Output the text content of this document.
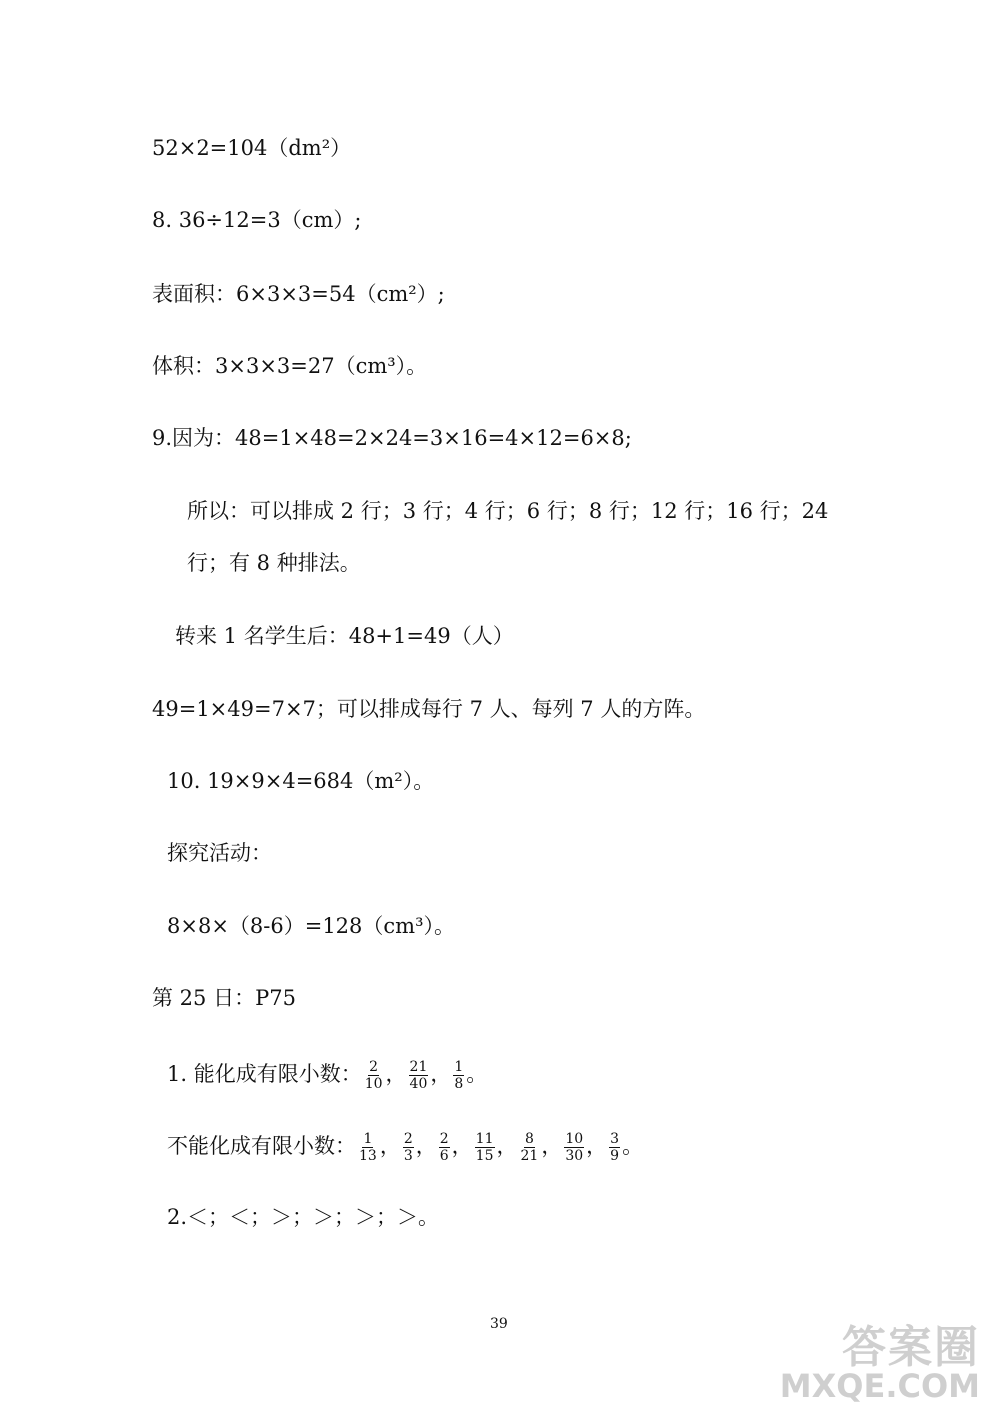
52×2=104（dm²）
8. 36÷12=3（cm）;
表面积：6×3×3=54（cm²）;
体积：3×3×3=27（cm³）。
9.因为：48=1×48=2×24=3×16=4×12=6×8;
所以：可以排成 2 行；3 行；4 行；6 行；8 行；12 行；16 行；24
行；有 8 种排法。
转来 1 名学生后：48+1=49（人）
49=1×49=7×7；可以排成每行 7 人、每列 7 人的方阵。
10. 19×9×4=684（m²）。
探究活动：
8×8×（8-6）=128（cm³）。
第 25 日：P75
1. 能化成有限小数： $\frac{2}{10}$ ， $\frac{21}{40}$ ， $\frac{1}{8}$ 。
不能化成有限小数： $\frac{1}{13}$ ， $\frac{2}{3}$ ， $\frac{2}{6}$ ， $\frac{11}{15}$ ， $\frac{8}{21}$ ， $\frac{10}{30}$ ， $\frac{3}{9}$ 。
2.＜；＜；＞；＞；＞；＞。
39	答案圈
MXQE.COM
